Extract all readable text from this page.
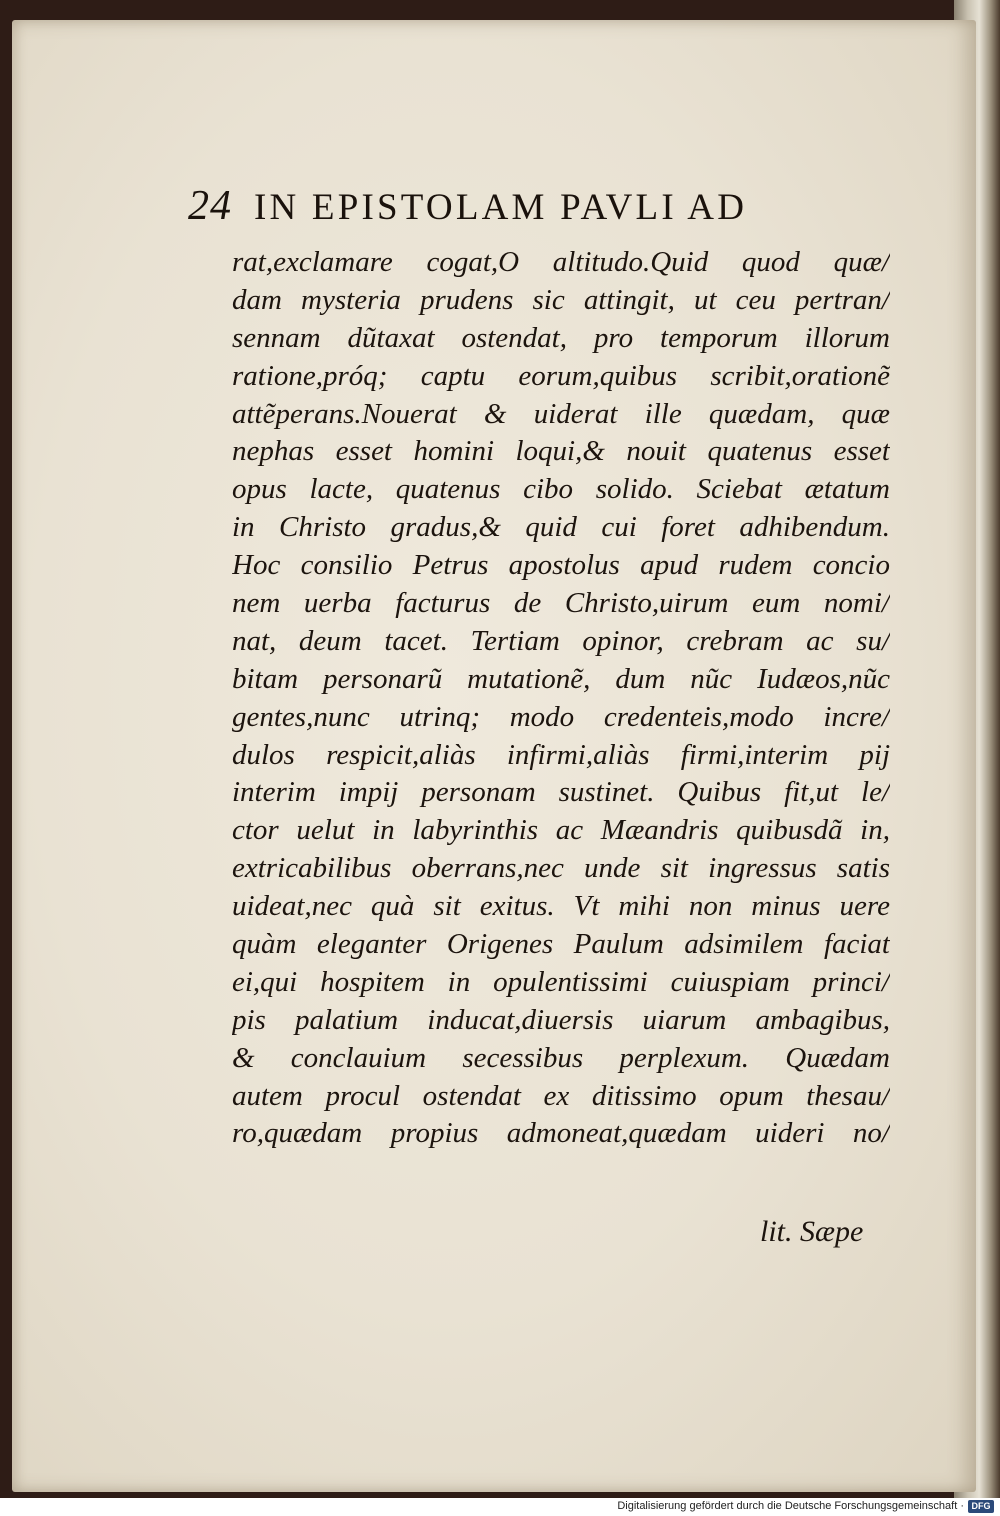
24 IN EPISTOLAM PAVLI AD
rat,exclamare cogat,O altitudo.Quid quod quæ/
dam mysteria prudens sic attingit, ut ceu pertran/
sennam dũtaxat ostendat, pro temporum illorum
ratione,próq; captu eorum,quibus scribit,orationẽ
attẽperans.Nouerat & uiderat ille quædam, quæ
nephas esset homini loqui,& nouit quatenus esset
opus lacte, quatenus cibo solido. Sciebat ætatum
in Christo gradus,& quid cui foret adhibendum.
Hoc consilio Petrus apostolus apud rudem concio
nem uerba facturus de Christo,uirum eum nomi/
nat, deum tacet. Tertiam opinor, crebram ac su/
bitam personarũ mutationẽ, dum nũc Iudæos,nũc
gentes,nunc utrinq; modo credenteis,modo incre/
dulos respicit,aliàs infirmi,aliàs firmi,interim pij
interim impij personam sustinet. Quibus fit,ut le/
ctor uelut in labyrinthis ac Mæandris quibusdã in,
extricabilibus oberrans,nec unde sit ingressus satis
uideat,nec quà sit exitus. Vt mihi non minus uere
quàm eleganter Origenes Paulum adsimilem faciat
ei,qui hospitem in opulentissimi cuiuspiam princi/
pis palatium inducat,diuersis uiarum ambagibus,
& conclauium secessibus perplexum. Quædam
autem procul ostendat ex ditissimo opum thesau/
ro,quædam propius admoneat,quædam uideri no/
lit. Sæpe
Digitalisierung gefördert durch die Deutsche Forschungsgemeinschaft · DFG
